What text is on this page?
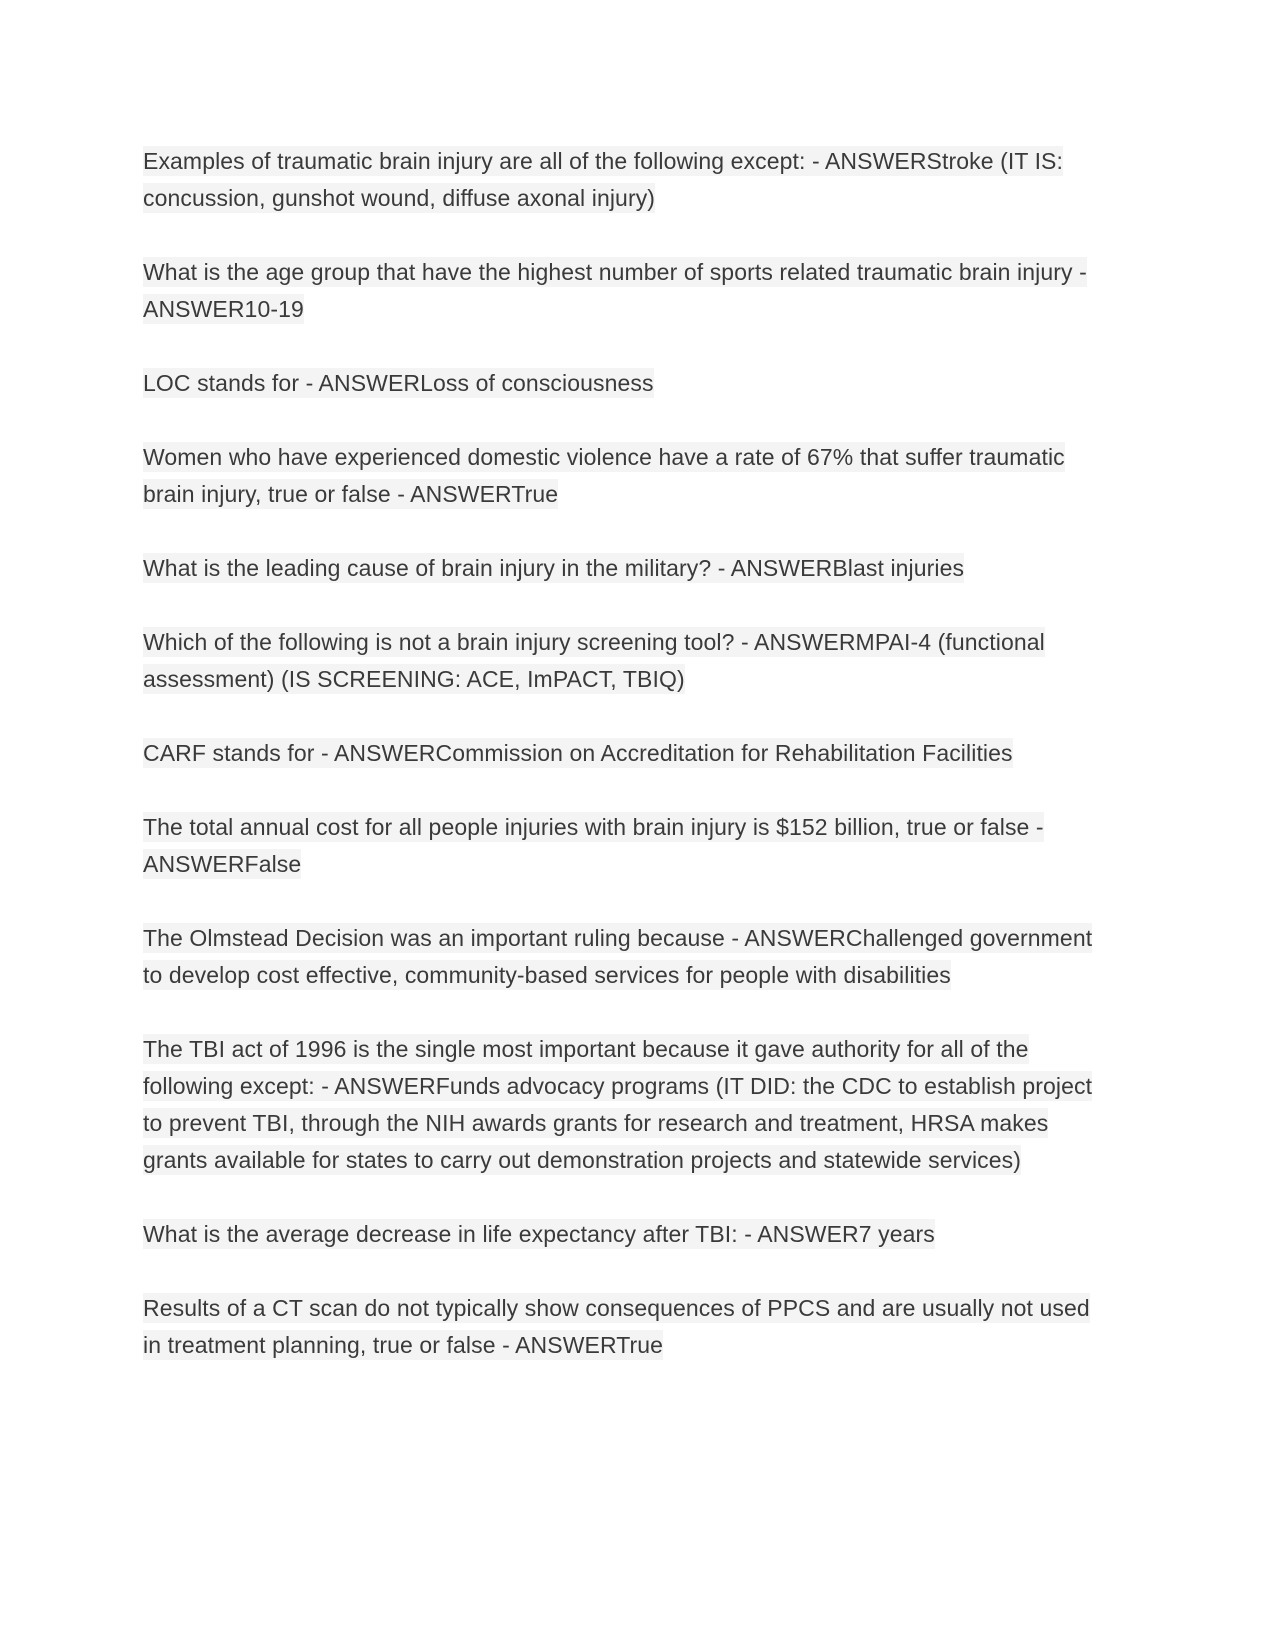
Examples of traumatic brain injury are all of the following except: - ANSWERStroke (IT IS: concussion, gunshot wound, diffuse axonal injury)

What is the age group that have the highest number of sports related traumatic brain injury - ANSWER10-19

LOC stands for - ANSWERLoss of consciousness

Women who have experienced domestic violence have a rate of 67% that suffer traumatic brain injury, true or false - ANSWERTrue

What is the leading cause of brain injury in the military? - ANSWERBlast injuries

Which of the following is not a brain injury screening tool? - ANSWERMPAI-4 (functional assessment) (IS SCREENING: ACE, ImPACT, TBIQ)

CARF stands for - ANSWERCommission on Accreditation for Rehabilitation Facilities

The total annual cost for all people injuries with brain injury is $152 billion, true or false - ANSWERFalse

The Olmstead Decision was an important ruling because - ANSWERChallenged government to develop cost effective, community-based services for people with disabilities

The TBI act of 1996 is the single most important because it gave authority for all of the following except: - ANSWERFunds advocacy programs (IT DID: the CDC to establish project to prevent TBI, through the NIH awards grants for research and treatment, HRSA makes grants available for states to carry out demonstration projects and statewide services)

What is the average decrease in life expectancy after TBI: - ANSWER7 years

Results of a CT scan do not typically show consequences of PPCS and are usually not used in treatment planning, true or false - ANSWERTrue
